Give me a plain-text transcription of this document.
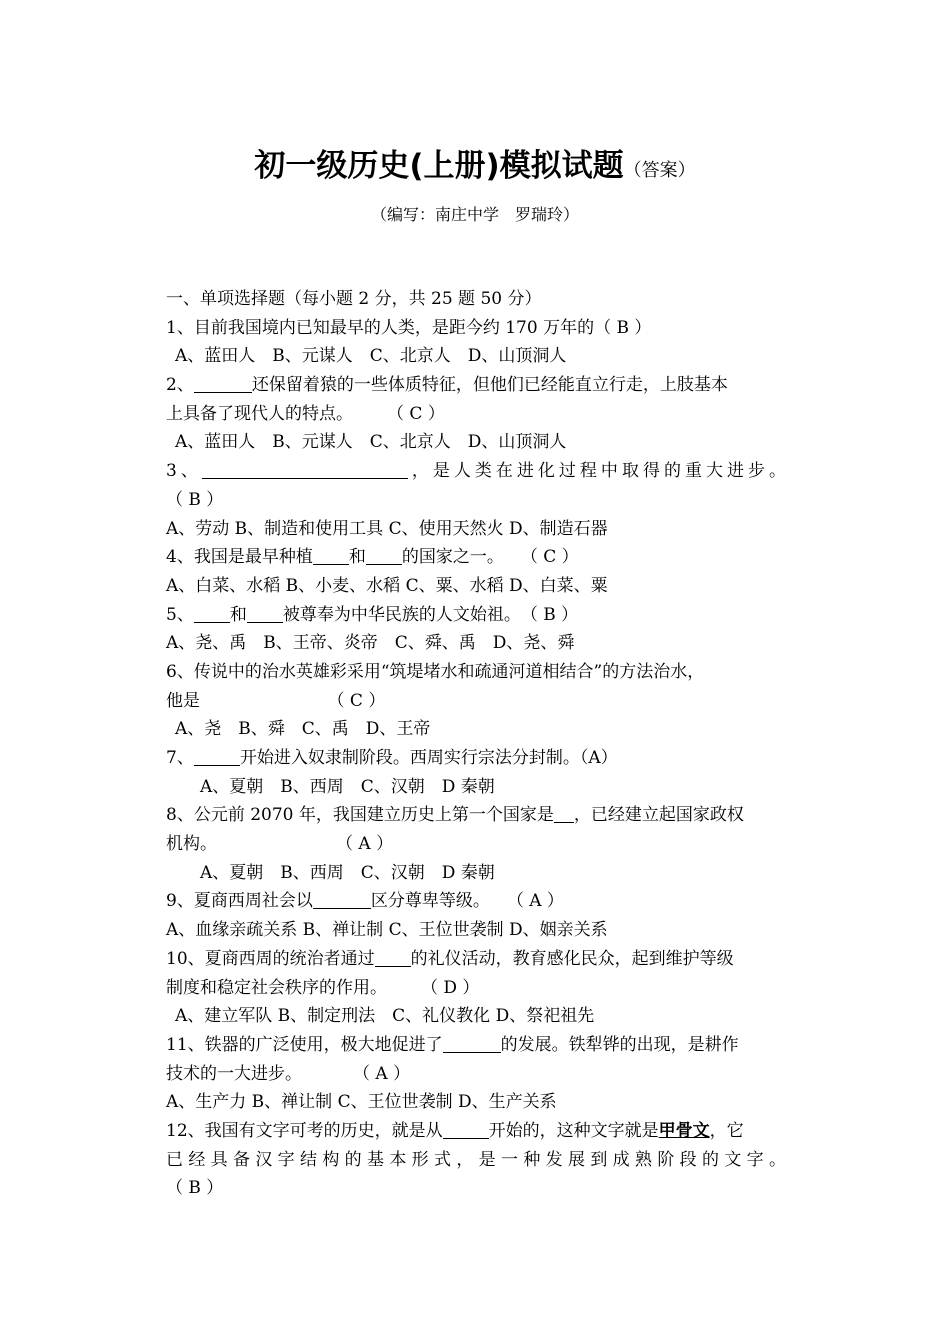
初一级历史(上册)模拟试题（答案）
（编写：南庄中学　罗瑞玲）
一、单项选择题（每小题 2 分，共 25 题 50 分）
1、目前我国境内已知最早的人类，是距今约 170 万年的（ B ）
A、蓝田人　B、元谋人　C、北京人　D、山顶洞人
2、	还保留着猿的一些体质特征，但他们已经能直立行走，上肢基本
上具备了现代人的特点。　　　（ C ）
A、蓝田人　B、元谋人　C、北京人　D、山顶洞人
3、	，是人类在进化过程中取得的重大进步。
（ B ）
A、劳动 B、制造和使用工具 C、使用天然火 D、制造石器
4、我国是最早种植 和 的国家之一。　　（ C ）
A、白菜、水稻 B、小麦、水稻 C、粟、水稻 D、白菜、粟
5、 和 被尊奉为中华民族的人文始祖。　（ B ）
A、尧、禹　B、王帝、炎帝　C、舜、禹　D、尧、舜
6、传说中的治水英雄彩采用“筑堤堵水和疏通河道相结合”的方法治水，
他是　　　　　　　　（ C ）
A、尧　B、舜　C、禹　D、王帝
7、	开始进入奴隶制阶段。西周实行宗法分封制。（A）
A、夏朝　B、西周　C、汉朝　D 秦朝
8、公元前 2070 年，我国建立历史上第一个国家是 ，已经建立起国家政权
机构。　　　　　　　　（ A ）
A、夏朝　B、西周　C、汉朝　D 秦朝
9、夏商西周社会以	区分尊卑等级。　　（ A ）
A、血缘亲疏关系 B、禅让制 C、王位世袭制 D、姻亲关系
10、夏商西周的统治者通过 的礼仪活动，教育感化民众，起到维护等级
制度和稳定社会秩序的作用。　　　（ D ）
A、建立军队 B、制定刑法　C、礼仪教化 D、祭祀祖先
11、铁器的广泛使用，极大地促进了	的发展。铁犁铧的出现，是耕作
技术的一大进步。　　　　（ A ）
A、生产力 B、禅让制 C、王位世袭制 D、生产关系
12、我国有文字可考的历史，就是从	开始的，这种文字就是甲骨文，它
已经具备汉字结构的基本形式，是一种发展到成熟阶段的文字。
（ B ）
